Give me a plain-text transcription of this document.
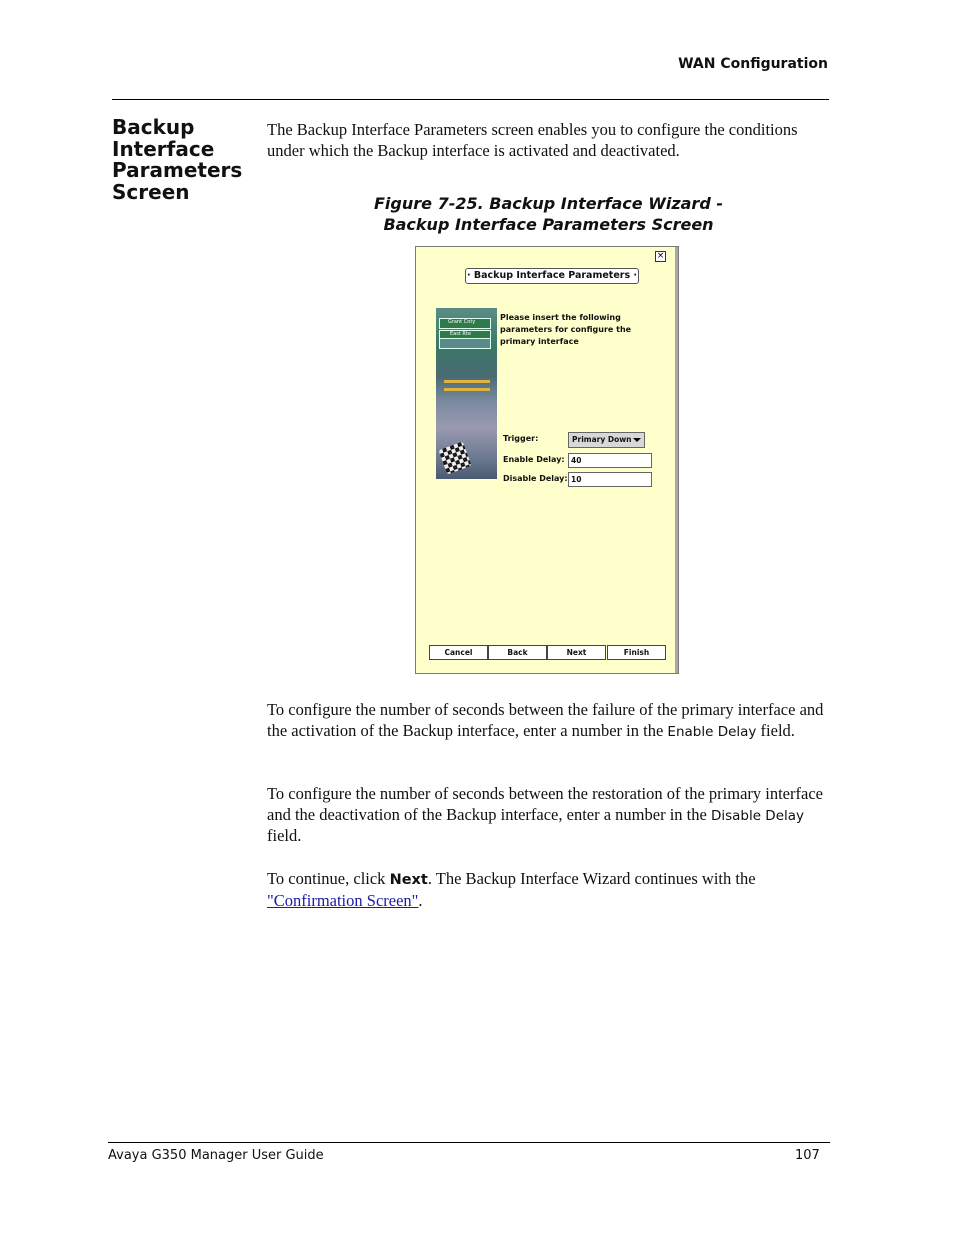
WAN Configuration
Backup
Interface
Parameters
Screen
The Backup Interface Parameters screen enables you to configure the conditions under which the Backup interface is activated and deactivated.
Figure 7-25. Backup Interface Wizard -
Backup Interface Parameters Screen
×
· Backup Interface Parameters ·
Grant Cnty
East Rte
Please insert the following parameters for configure the primary interface
Trigger:	Primary Down
Enable Delay: 40
Disable Delay: 10
Cancel	Back	Next	Finish
To configure the number of seconds between the failure of the primary interface and the activation of the Backup interface, enter a number in the Enable Delay field.
To configure the number of seconds between the restoration of the primary interface and the deactivation of the Backup interface, enter a number in the Disable Delay field.
To continue, click Next. The Backup Interface Wizard continues with the "Confirmation Screen".
Avaya G350 Manager User Guide	107
